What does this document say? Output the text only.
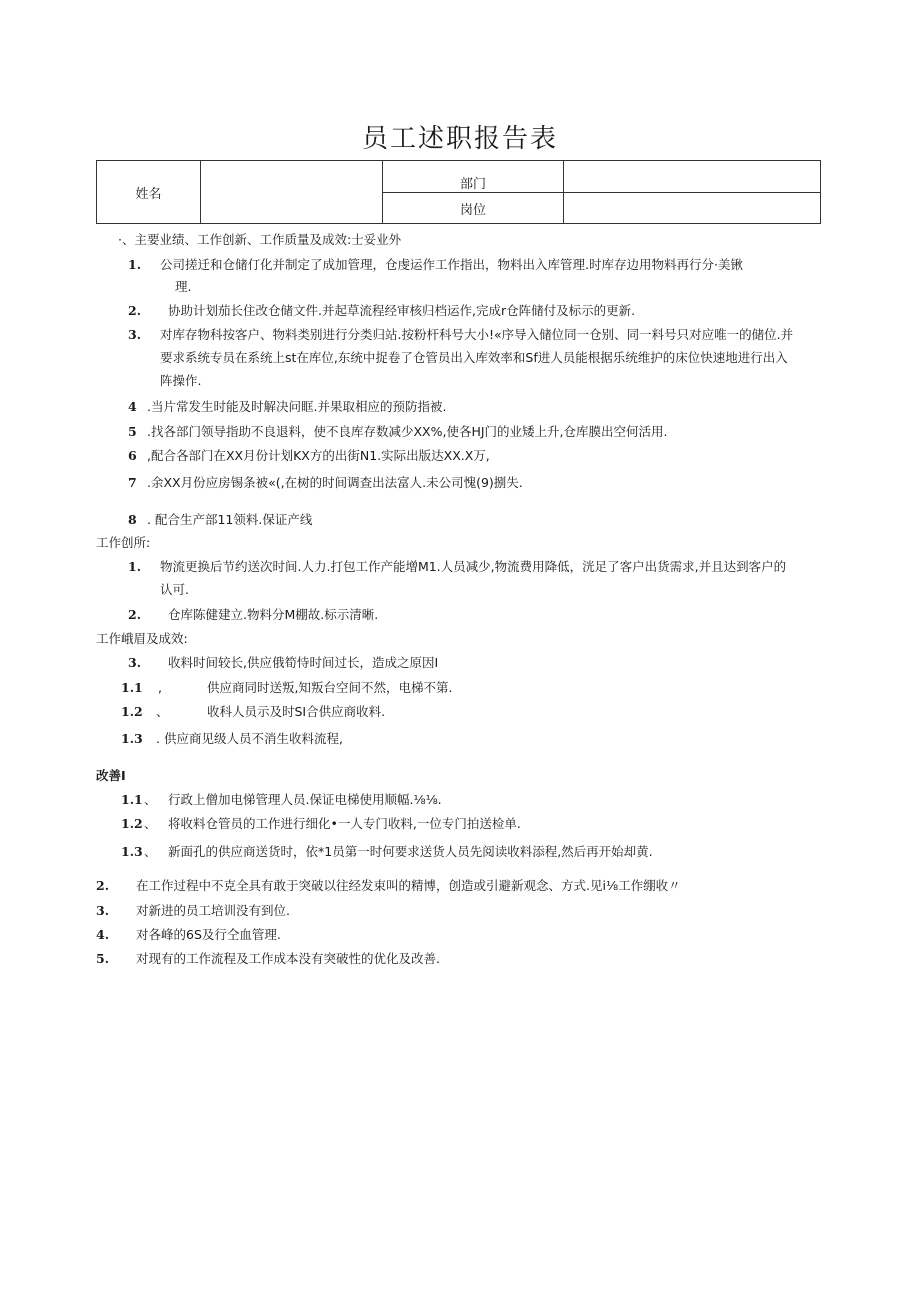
员工述职报告表
姓名		部门	
		岗位	
·、主要业绩、工作创新、工作质量及成效:士妥业外
1. 公司搓迁和仓储仃化并制定了成加管理，仓虔运作工作指出，物料出入库管理.时库存边用物料再行分·美锹
理.
2. 协助计划茄长住改仓储文件.并起草流程经审核归档运作,完成r仓阵储付及标示的更新.
3. 对库存物科按客户、物料类别进行分类归站.按粉杆科号大小!«序导入储位同一仓别、同一料号只对应唯一的储位.并
要求系统专员在系统上st在库位,东统中捉卷了仓管员出入库效率和Sf进人员能根据乐统维护的床位快速地进行出入
阵操作.
4 .当片常发生时能及时解决问眶.并果取相应的预防指被.
5 .找各部门领导指助不良退料，使不良库存数减少XX%,使各HJ门的业矮上升,仓库膜出空何活用.
6 ,配合各部门在XX月份计划KX方的出街N1.实际出版达XX.X万,
7 .余XX月份应房锡条被«(,在树的时间调查出法富人.未公司愧(9)捌失.
8 . 配合生产部11领料.保证产线
工作创所:
1. 物流更换后节约送次时间.人力.打包工作产能增M1.人员减少,物流费用降低，洸足了客户出货需求,并且达到客户的
认可.
2. 仓库陈健建立.物料分M棚故.标示清晰.
工作峨眉及成效:
3. 收料时间较长,供应俄筍恃时间过长，造成之原因I
1.1 ,	供应商同时送叛,知叛台空间不然，电梯不第.
1.2 、	收科人员示及时SI合供应商收料.
1.3 . 供应商见级人员不消生收料流程,
改善I
1.1 、 行政上僧加电悌管理人员.保证电梯使用顺幅.⅛⅛.
1.2 、 将收料仓管员的工作进行细化•一人专门收料,一位专门拍送检单.
1.3 、 新面孔的供应商送货时，依*1员第一时何要求送货人员先阅读收料添程,然后再开始却黄.
2. 在工作过程中不克全具有敢于突破以往经发束叫的精博，创造或引避新观念、方式.见i⅛工作绷收〃
3. 对新进的员工培训没有到位.
4. 对各峰的6S及行仝血管理.
5. 对现有的工作流程及工作成本没有突破性的优化及改善.
